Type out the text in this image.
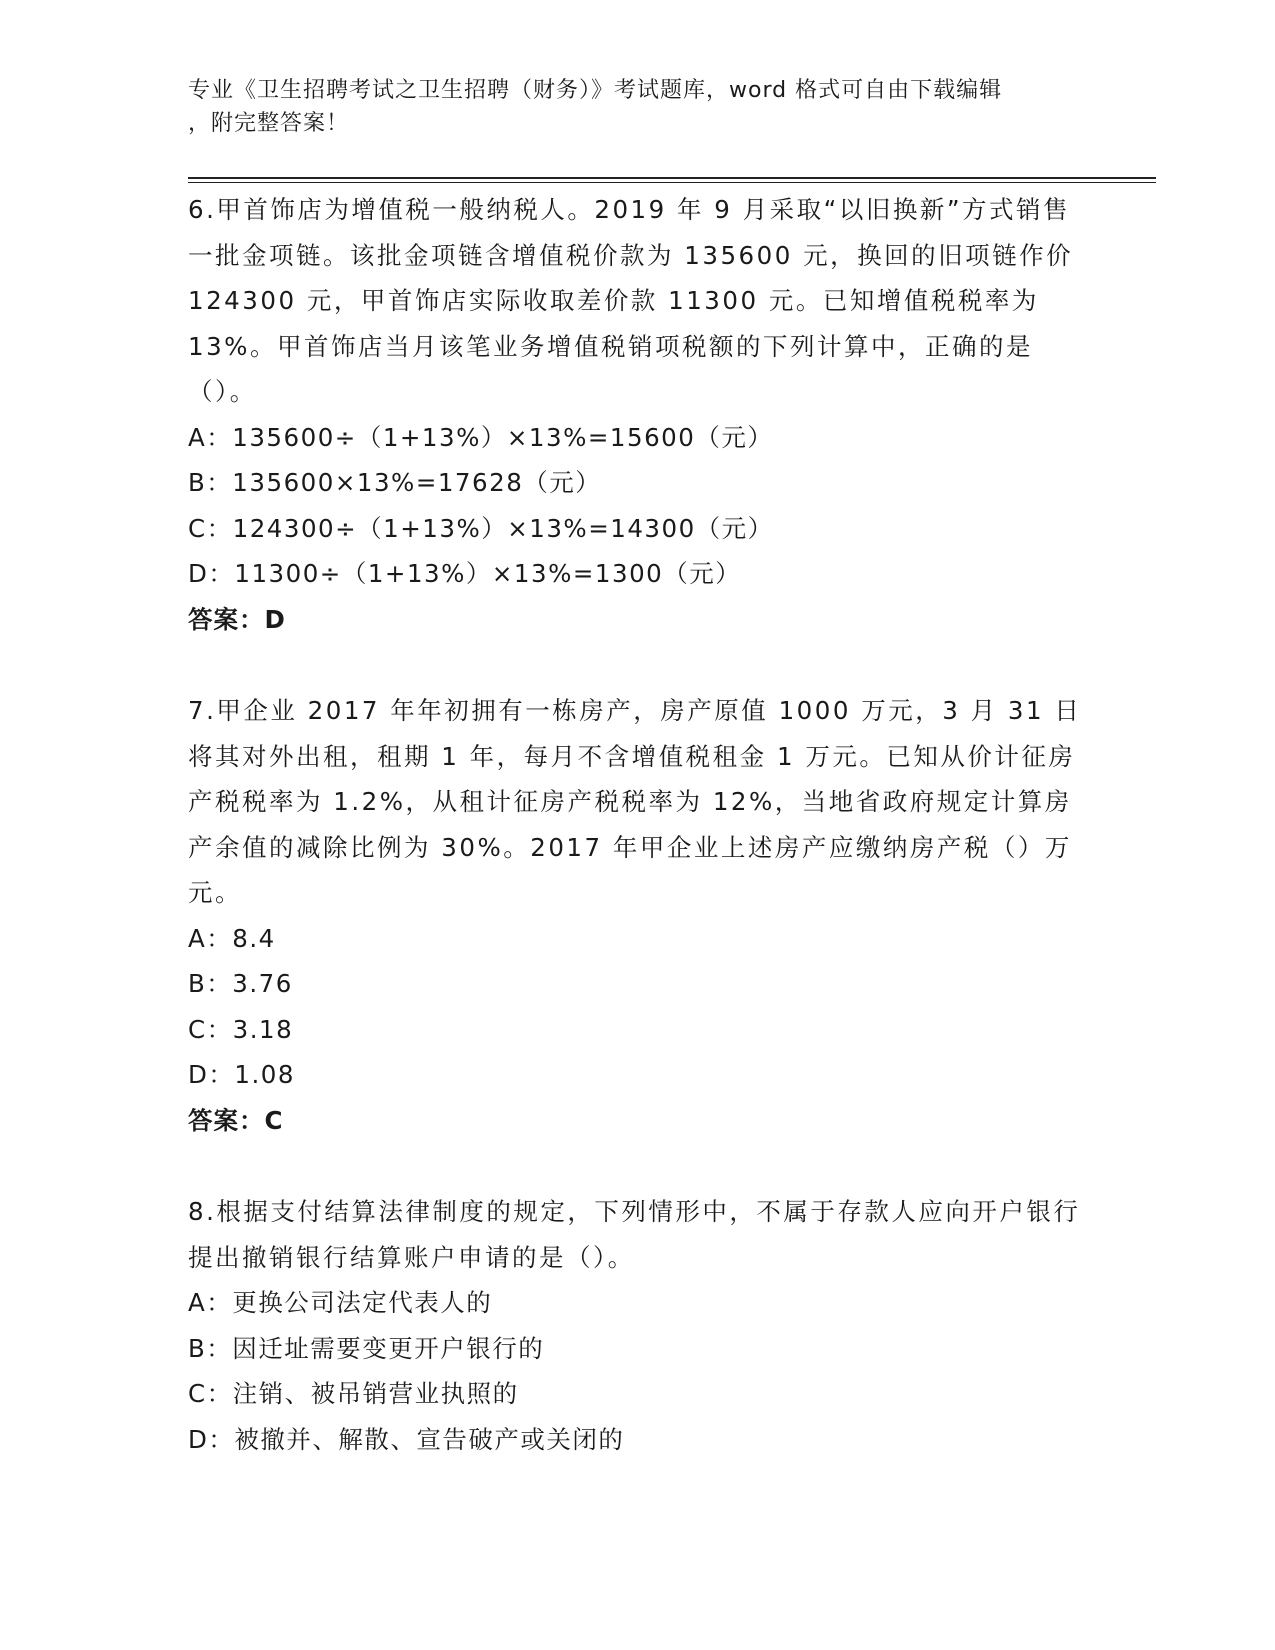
专业《卫生招聘考试之卫生招聘（财务）》考试题库，word 格式可自由下载编辑
，附完整答案！

6.甲首饰店为增值税一般纳税人。2019 年 9 月采取“以旧换新”方式销售一批金项链。该批金项链含增值税价款为 135600 元，换回的旧项链作价 124300 元，甲首饰店实际收取差价款 11300 元。已知增值税税率为 13%。甲首饰店当月该笔业务增值税销项税额的下列计算中，正确的是（）。

A：135600÷（1+13%）×13%=15600（元）

B：135600×13%=17628（元）

C：124300÷（1+13%）×13%=14300（元）

D：11300÷（1+13%）×13%=1300（元）

答案：D

7.甲企业 2017 年年初拥有一栋房产，房产原值 1000 万元，3 月 31 日将其对外出租，租期 1 年，每月不含增值税租金 1 万元。已知从价计征房产税税率为 1.2%，从租计征房产税税率为 12%，当地省政府规定计算房产余值的减除比例为 30%。2017 年甲企业上述房产应缴纳房产税（）万元。

A：8.4

B：3.76

C：3.18

D：1.08

答案：C

8.根据支付结算法律制度的规定，下列情形中，不属于存款人应向开户银行提出撤销银行结算账户申请的是（）。

A：更换公司法定代表人的

B：因迁址需要变更开户银行的

C：注销、被吊销营业执照的

D：被撤并、解散、宣告破产或关闭的
